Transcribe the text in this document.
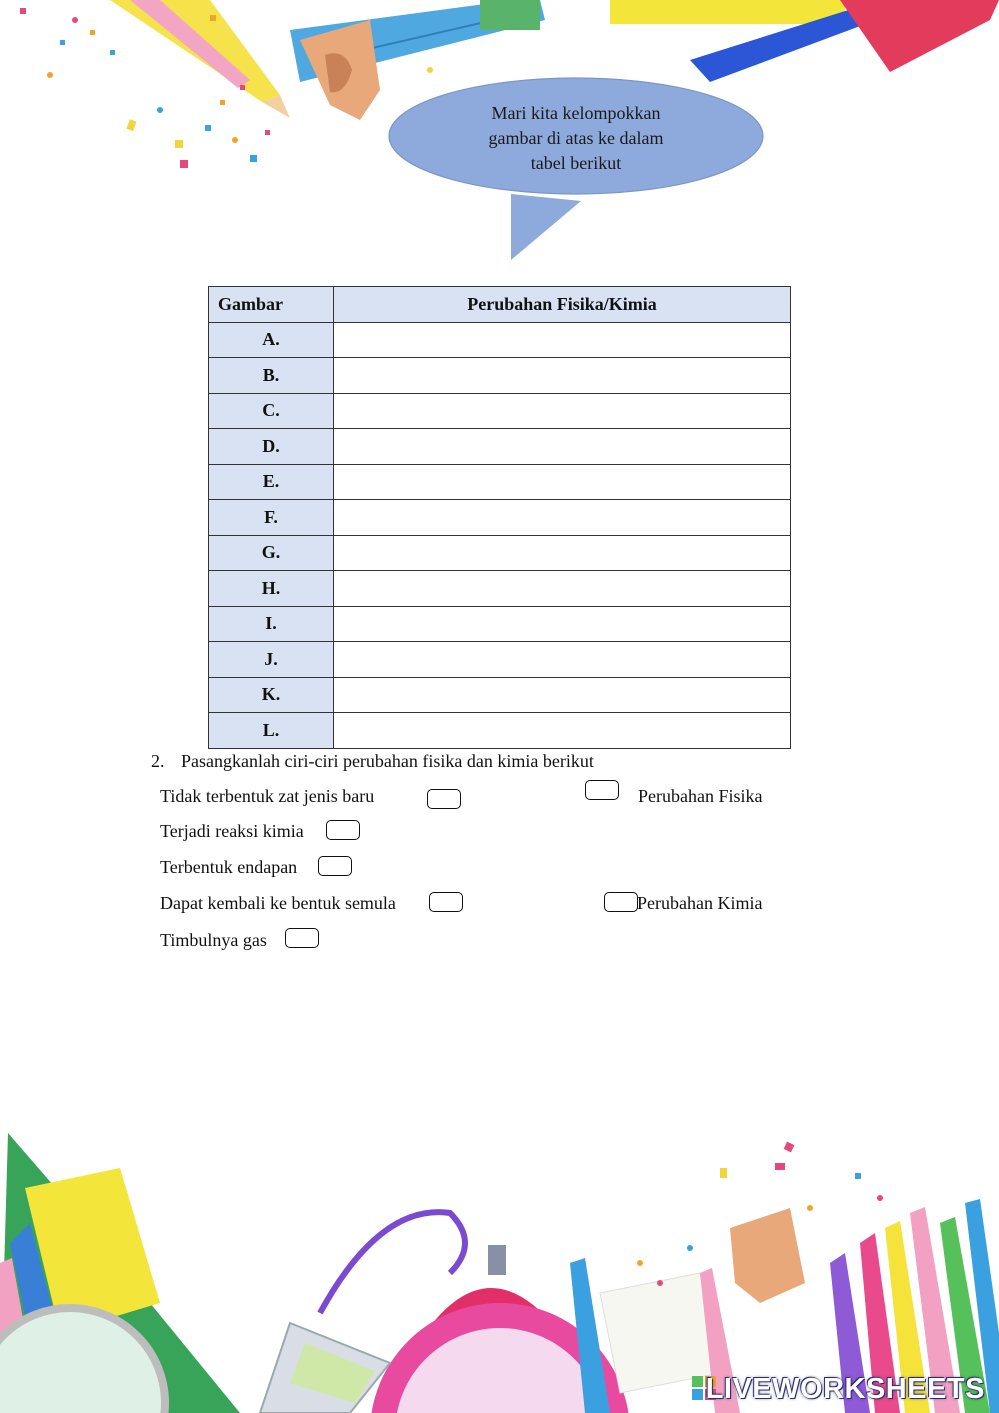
Mari kita kelompokkan
gambar di atas ke dalam
tabel berikut
Gambar	Perubahan Fisika/Kimia
A.	
B.	
C.	
D.	
E.	
F.	
G.	
H.	
I.	
J.	
K.	
L.	
2. Pasangkanlah ciri-ciri perubahan fisika dan kimia berikut
Tidak terbentuk zat jenis baru	Perubahan Fisika
Terjadi reaksi kimia
Terbentuk endapan
Dapat kembali ke bentuk semula	Perubahan Kimia
Timbulnya gas
LIVEWORKSHEETS
